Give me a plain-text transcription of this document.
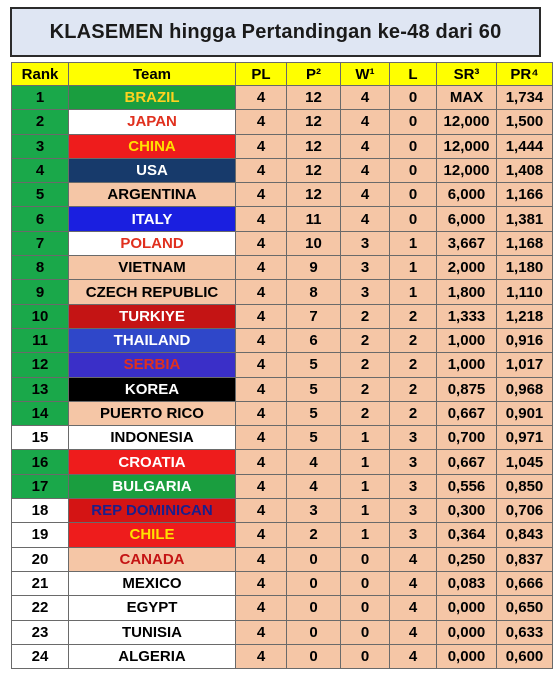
KLASEMEN hingga Pertandingan ke-48 dari 60
Rank	Team	PL	P²	W¹	L	SR³	PR⁴
1	BRAZIL	4	12	4	0	MAX	1,734
2	JAPAN	4	12	4	0	12,000	1,500
3	CHINA	4	12	4	0	12,000	1,444
4	USA	4	12	4	0	12,000	1,408
5	ARGENTINA	4	12	4	0	6,000	1,166
6	ITALY	4	11	4	0	6,000	1,381
7	POLAND	4	10	3	1	3,667	1,168
8	VIETNAM	4	9	3	1	2,000	1,180
9	CZECH REPUBLIC	4	8	3	1	1,800	1,110
10	TURKIYE	4	7	2	2	1,333	1,218
11	THAILAND	4	6	2	2	1,000	0,916
12	SERBIA	4	5	2	2	1,000	1,017
13	KOREA	4	5	2	2	0,875	0,968
14	PUERTO RICO	4	5	2	2	0,667	0,901
15	INDONESIA	4	5	1	3	0,700	0,971
16	CROATIA	4	4	1	3	0,667	1,045
17	BULGARIA	4	4	1	3	0,556	0,850
18	REP DOMINICAN	4	3	1	3	0,300	0,706
19	CHILE	4	2	1	3	0,364	0,843
20	CANADA	4	0	0	4	0,250	0,837
21	MEXICO	4	0	0	4	0,083	0,666
22	EGYPT	4	0	0	4	0,000	0,650
23	TUNISIA	4	0	0	4	0,000	0,633
24	ALGERIA	4	0	0	4	0,000	0,600
